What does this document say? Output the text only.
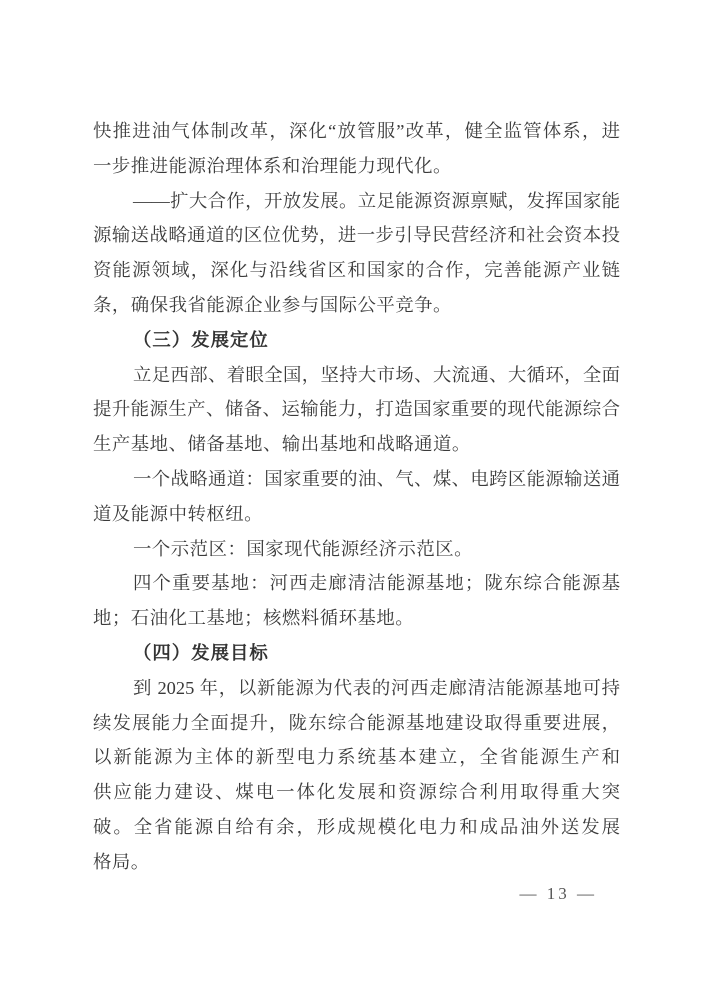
快推进油气体制改革，深化“放管服”改革，健全监管体系，进
一步推进能源治理体系和治理能力现代化。
——扩大合作，开放发展。立足能源资源禀赋，发挥国家能
源输送战略通道的区位优势，进一步引导民营经济和社会资本投
资能源领域，深化与沿线省区和国家的合作，完善能源产业链
条，确保我省能源企业参与国际公平竞争。
（三）发展定位
立足西部、着眼全国，坚持大市场、大流通、大循环，全面
提升能源生产、储备、运输能力，打造国家重要的现代能源综合
生产基地、储备基地、输出基地和战略通道。
一个战略通道：国家重要的油、气、煤、电跨区能源输送通
道及能源中转枢纽。
一个示范区：国家现代能源经济示范区。
四个重要基地：河西走廊清洁能源基地；陇东综合能源基
地；石油化工基地；核燃料循环基地。
（四）发展目标
到 2025 年，以新能源为代表的河西走廊清洁能源基地可持
续发展能力全面提升，陇东综合能源基地建设取得重要进展，
以新能源为主体的新型电力系统基本建立，全省能源生产和
供应能力建设、煤电一体化发展和资源综合利用取得重大突
破。全省能源自给有余，形成规模化电力和成品油外送发展
格局。
— 13 —
